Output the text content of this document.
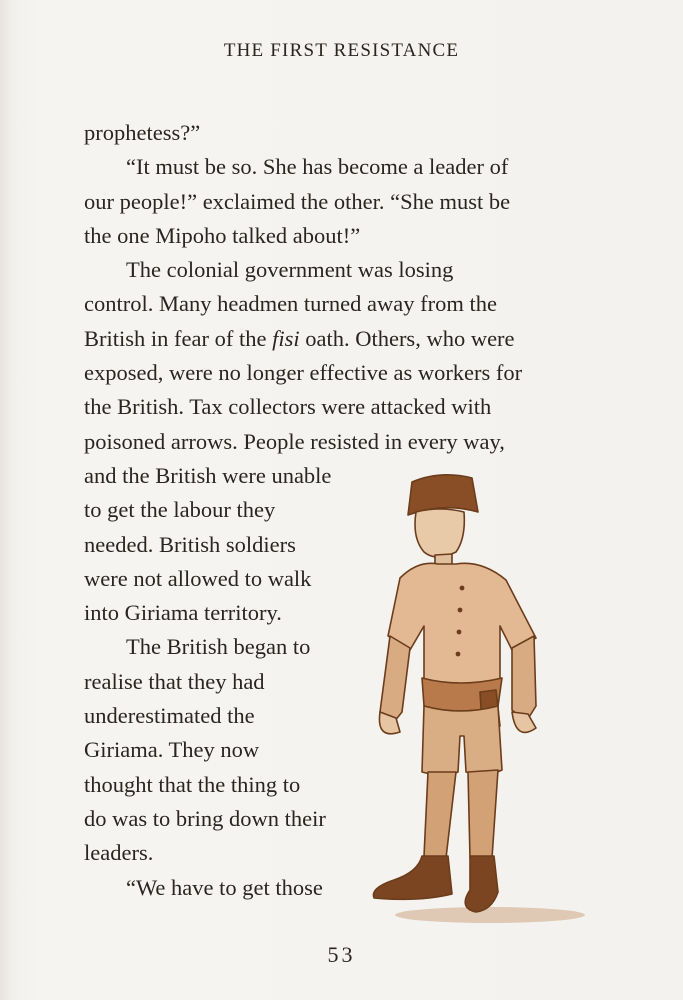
THE FIRST RESISTANCE
prophetess?”
“It must be so. She has become a leader of
our people!” exclaimed the other. “She must be
the one Mipoho talked about!”
The colonial government was losing
control. Many headmen turned away from the
British in fear of the fisi oath. Others, who were
exposed, were no longer effective as workers for
the British. Tax collectors were attacked with
poisoned arrows. People resisted in every way,
and the British were unable
to get the labour they
needed. British soldiers
were not allowed to walk
into Giriama territory.
The British began to
realise that they had
underestimated the
Giriama. They now
thought that the thing to
do was to bring down their
leaders.
“We have to get those
53
